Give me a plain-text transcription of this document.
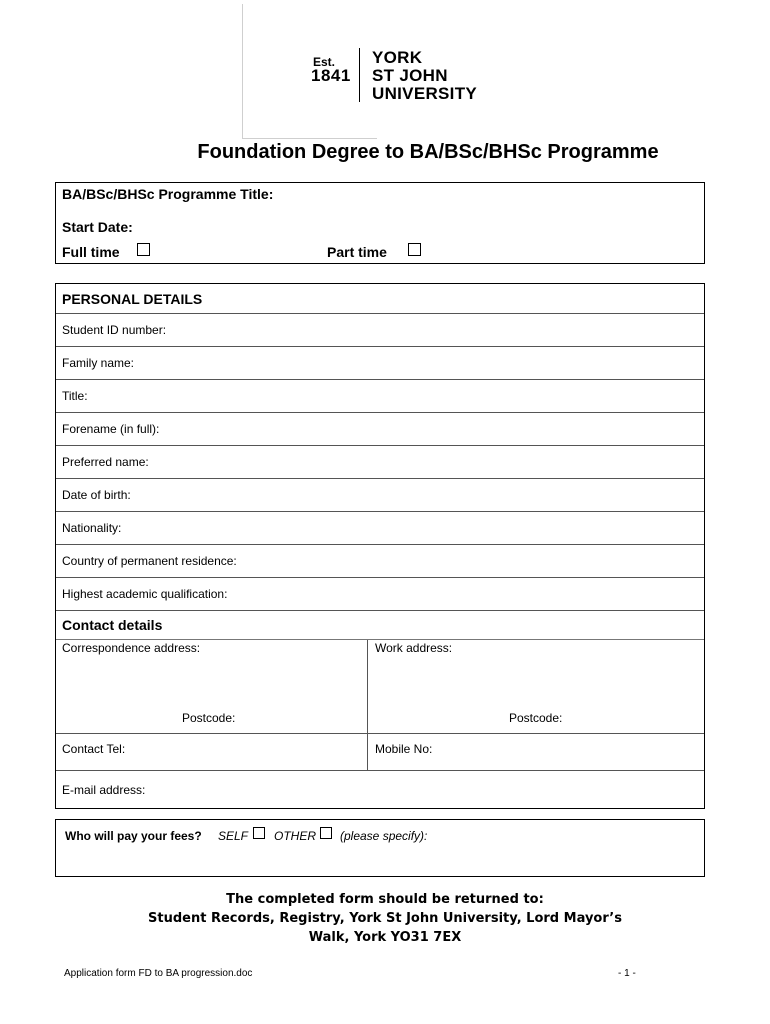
Est.
1841
YORK
ST JOHN
UNIVERSITY
Foundation Degree to BA/BSc/BHSc Programme
BA/BSc/BHSc Programme Title:
Start Date:
Full time	Part time
PERSONAL DETAILS
Student ID number:
Family name:
Title:
Forename (in full):
Preferred name:
Date of birth:
Nationality:
Country of permanent residence:
Highest academic qualification:
Contact details
Correspondence address:	Work address:
Postcode:	Postcode:
Contact Tel:	Mobile No:
E-mail address:
Who will pay your fees? SELF OTHER (please specify):
The completed form should be returned to:
Student Records, Registry, York St John University, Lord Mayor’s
Walk, York YO31 7EX
Application form FD to BA progression.doc	- 1 -
